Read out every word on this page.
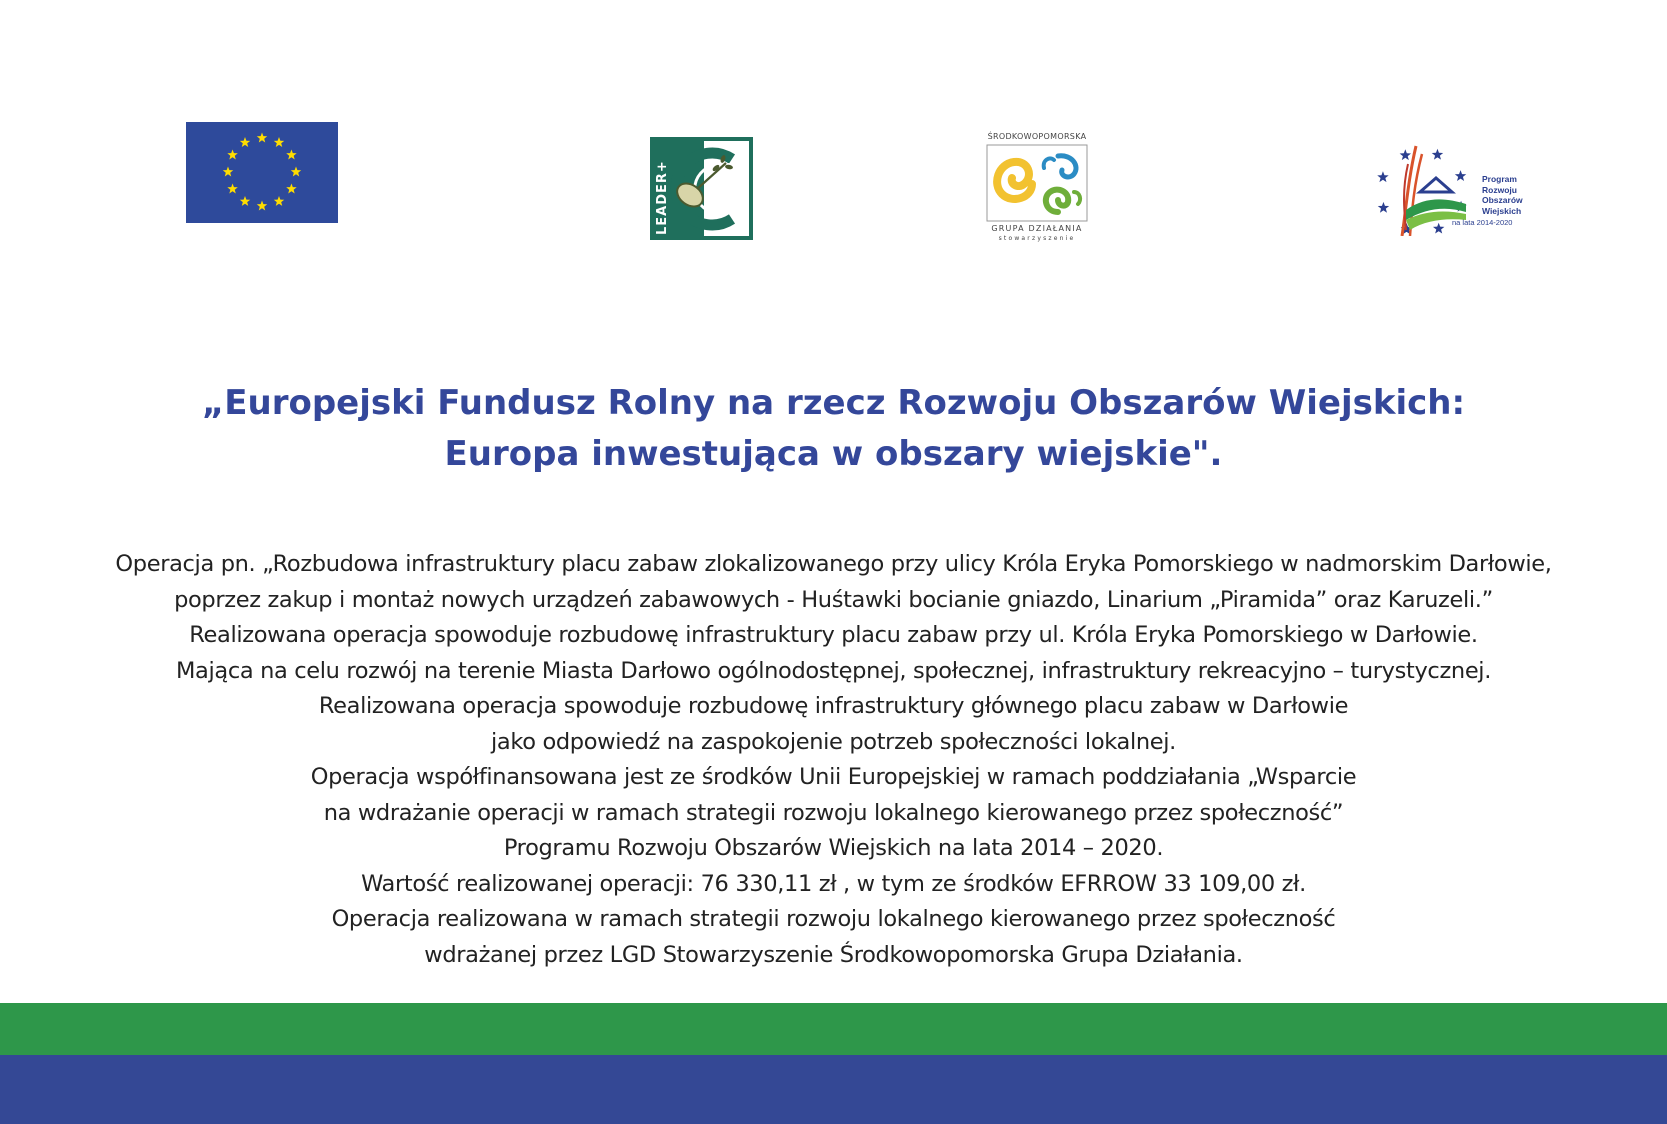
LEADER+
ŚRODKOWOPOMORSKA
GRUPA DZIAŁANIA
stowarzyszenie
Program
Rozwoju
Obszarów
Wiejskich
na lata 2014-2020
„Europejski Fundusz Rolny na rzecz Rozwoju Obszarów Wiejskich:
Europa inwestująca w obszary wiejskie".
Operacja pn. „Rozbudowa infrastruktury placu zabaw zlokalizowanego przy ulicy Króla Eryka Pomorskiego w nadmorskim Darłowie,
poprzez zakup i montaż nowych urządzeń zabawowych - Huśtawki bocianie gniazdo, Linarium „Piramida” oraz Karuzeli.”
Realizowana operacja spowoduje rozbudowę infrastruktury placu zabaw przy ul. Króla Eryka Pomorskiego w Darłowie.
Mająca na celu rozwój na terenie Miasta Darłowo ogólnodostępnej, społecznej, infrastruktury rekreacyjno – turystycznej.
Realizowana operacja spowoduje rozbudowę infrastruktury głównego placu zabaw w Darłowie
jako odpowiedź na zaspokojenie potrzeb społeczności lokalnej.
Operacja współfinansowana jest ze środków Unii Europejskiej w ramach poddziałania „Wsparcie
na wdrażanie operacji w ramach strategii rozwoju lokalnego kierowanego przez społeczność”
Programu Rozwoju Obszarów Wiejskich na lata 2014 – 2020.
Wartość realizowanej operacji: 76 330,11 zł , w tym ze środków EFRROW 33 109,00 zł.
Operacja realizowana w ramach strategii rozwoju lokalnego kierowanego przez społeczność
wdrażanej przez LGD Stowarzyszenie Środkowopomorska Grupa Działania.
